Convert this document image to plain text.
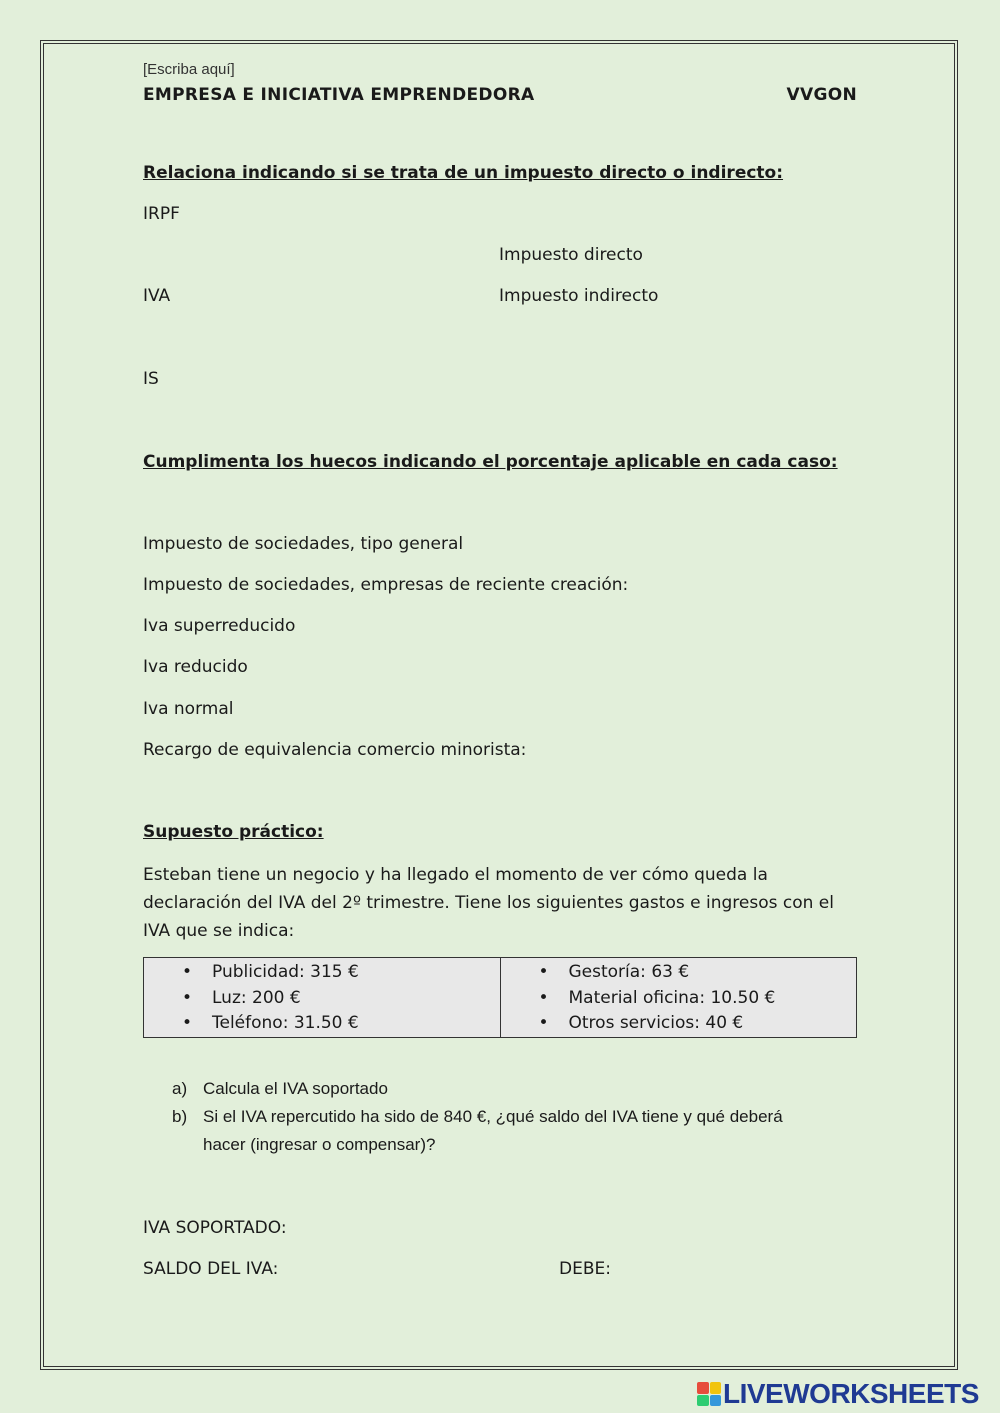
[Escriba aquí]
EMPRESA E INICIATIVA EMPRENDEDORA	VVGON
Relaciona indicando si se trata de un impuesto directo o indirecto:
IRPF
Impuesto directo
IVA	Impuesto indirecto
IS
Cumplimenta los huecos indicando el porcentaje aplicable en cada caso:
Impuesto de sociedades, tipo general
Impuesto de sociedades, empresas de reciente creación:
Iva superreducido
Iva reducido
Iva normal
Recargo de equivalencia comercio minorista:
Supuesto práctico:
Esteban tiene un negocio y ha llegado el momento de ver cómo queda la declaración del IVA del 2º trimestre. Tiene los siguientes gastos e ingresos con el IVA que se indica:
• Publicidad: 315 €
• Luz: 200 €
• Teléfono: 31.50 €

• Gestoría: 63 €
• Material oficina: 10.50 €
• Otros servicios: 40 €
a) Calcula el IVA soportado
b) Si el IVA repercutido ha sido de 840 €, ¿qué saldo del IVA tiene y qué deberá
hacer (ingresar o compensar)?
IVA SOPORTADO:
SALDO DEL IVA:	DEBE:
LIVEWORKSHEETS
